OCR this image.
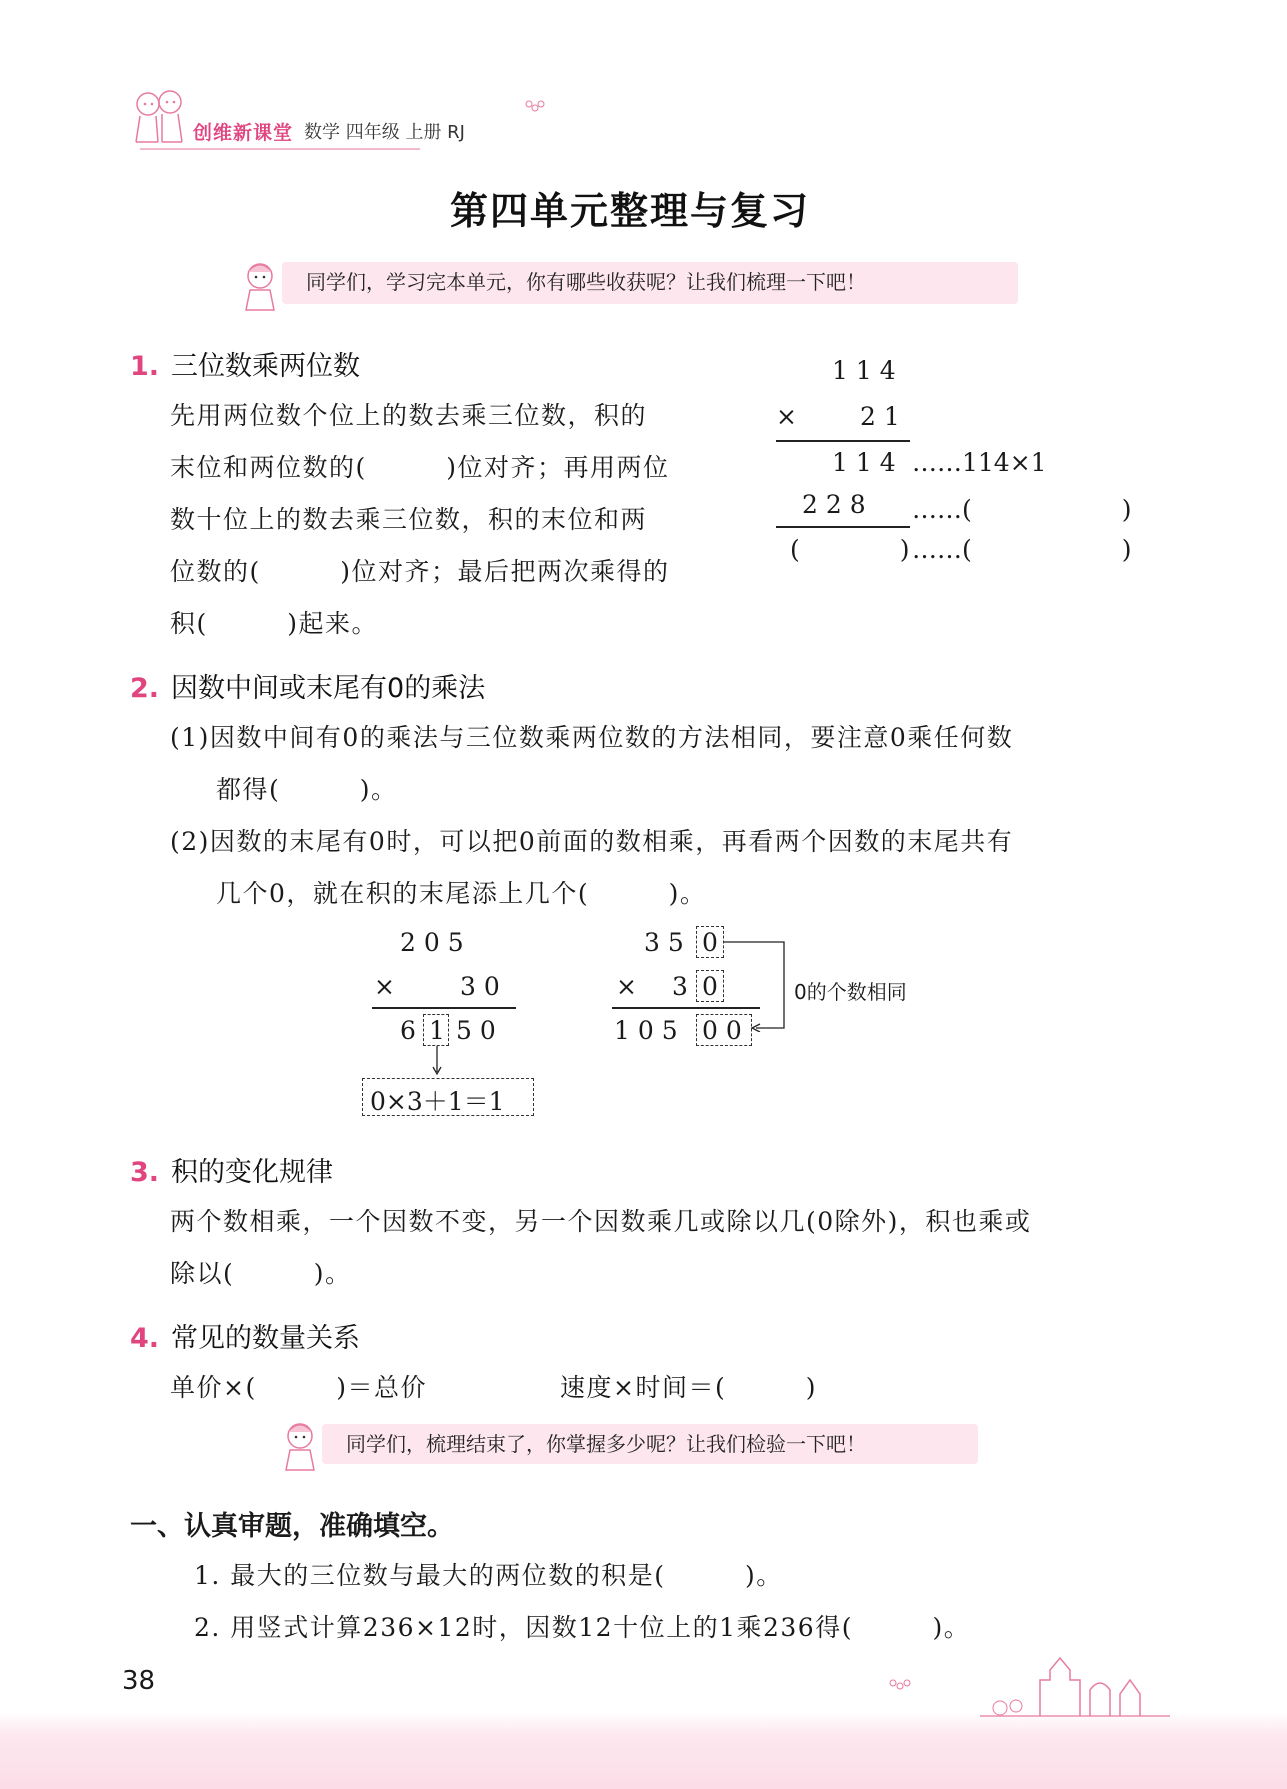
创维新课堂 数学 四年级 上册 RJ
第四单元整理与复习
同学们，学习完本单元，你有哪些收获呢？让我们梳理一下吧！
1. 三位数乘两位数
先用两位数个位上的数去乘三位数，积的
末位和两位数的(　　　)位对齐；再用两位
数十位上的数去乘三位数，积的末位和两
位数的(　　　)位对齐；最后把两次乘得的
积(　　　)起来。
1 1 4
×	2 1
1 1 4 ……114×1
2 2 8 ……(　　　　　　)
(　　　　) ……(　　　　　　)
2. 因数中间或末尾有0的乘法
(1)因数中间有0的乘法与三位数乘两位数的方法相同，要注意0乘任何数
都得(　　　)。
(2)因数的末尾有0时，可以把0前面的数相乘，再看两个因数的末尾共有
几个0，就在积的末尾添上几个(　　　)。
2 0 5
×	3 0
6 1 5 0
0×3＋1＝1
3 5 0
× 3 0
1 0 5 0 0
0的个数相同
3. 积的变化规律
两个数相乘，一个因数不变，另一个因数乘几或除以几(0除外)，积也乘或
除以(　　　)。
4. 常见的数量关系
单价×(　　　)＝总价	速度×时间＝(　　　)
同学们，梳理结束了，你掌握多少呢？让我们检验一下吧！
一、认真审题，准确填空。
1. 最大的三位数与最大的两位数的积是(　　　)。
2. 用竖式计算236×12时，因数12十位上的1乘236得(　　　)。
38
